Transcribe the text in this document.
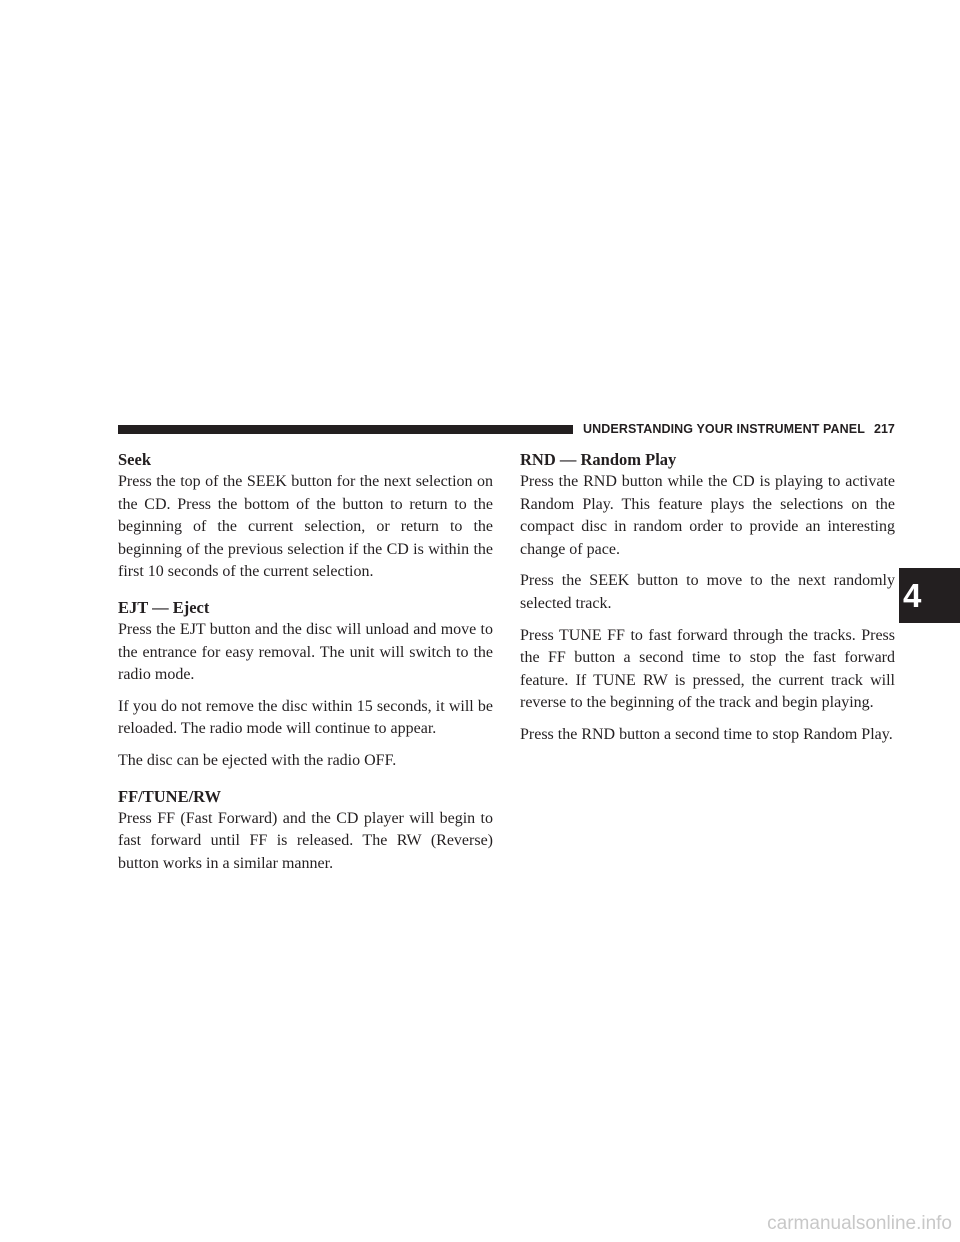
UNDERSTANDING YOUR INSTRUMENT PANEL 217

Seek

Press the top of the SEEK button for the next selection on the CD. Press the bottom of the button to return to the beginning of the current selection, or return to the beginning of the previous selection if the CD is within the first 10 seconds of the current selection.

EJT — Eject

Press the EJT button and the disc will unload and move to the entrance for easy removal. The unit will switch to the radio mode.

If you do not remove the disc within 15 seconds, it will be reloaded. The radio mode will continue to appear.

The disc can be ejected with the radio OFF.

FF/TUNE/RW

Press FF (Fast Forward) and the CD player will begin to fast forward until FF is released. The RW (Reverse) button works in a similar manner.

RND — Random Play

Press the RND button while the CD is playing to activate Random Play. This feature plays the selections on the compact disc in random order to provide an interesting change of pace.

Press the SEEK button to move to the next randomly selected track.

Press TUNE FF to fast forward through the tracks. Press the FF button a second time to stop the fast forward feature. If TUNE RW is pressed, the current track will reverse to the beginning of the track and begin playing.

Press the RND button a second time to stop Random Play.

4
carmanualsonline.info
